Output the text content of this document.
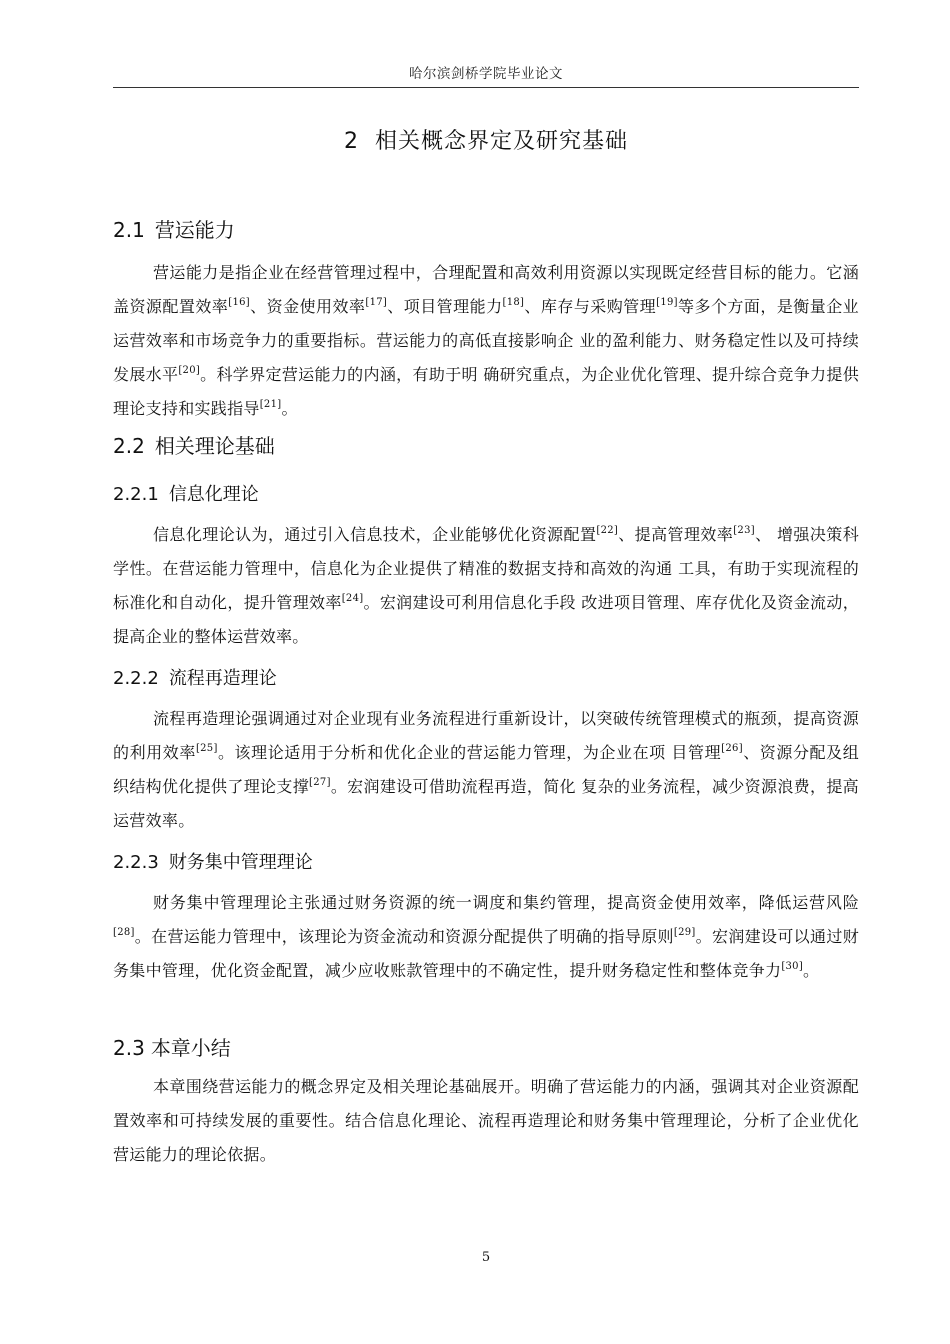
哈尔滨剑桥学院毕业论文
2 相关概念界定及研究基础
2.1 营运能力

营运能力是指企业在经营管理过程中，合理配置和高效利用资源以实现既定经营目标的能力。它涵盖资源配置效率[16]、资金使用效率[17]、项目管理能力[18]、库存与采购管理[19]等多个方面，是衡量企业运营效率和市场竞争力的重要指标。营运能力的高低直接影响企 业的盈利能力、财务稳定性以及可持续发展水平[20]。科学界定营运能力的内涵，有助于明 确研究重点，为企业优化管理、提升综合竞争力提供理论支持和实践指导[21]。

2.2 相关理论基础
2.2.1 信息化理论

信息化理论认为，通过引入信息技术，企业能够优化资源配置[22]、提高管理效率[23]、 增强决策科学性。在营运能力管理中，信息化为企业提供了精准的数据支持和高效的沟通 工具，有助于实现流程的标准化和自动化，提升管理效率[24]。宏润建设可利用信息化手段 改进项目管理、库存优化及资金流动，提高企业的整体运营效率。

2.2.2 流程再造理论

流程再造理论强调通过对企业现有业务流程进行重新设计，以突破传统管理模式的瓶颈，提高资源的利用效率[25]。该理论适用于分析和优化企业的营运能力管理，为企业在项 目管理[26]、资源分配及组织结构优化提供了理论支撑[27]。宏润建设可借助流程再造，简化 复杂的业务流程，减少资源浪费，提高运营效率。

2.2.3 财务集中管理理论

财务集中管理理论主张通过财务资源的统一调度和集约管理，提高资金使用效率，降低运营风险[28]。在营运能力管理中，该理论为资金流动和资源分配提供了明确的指导原则[29]。宏润建设可以通过财务集中管理，优化资金配置，减少应收账款管理中的不确定性，提升财务稳定性和整体竞争力[30]。

2.3 本章小结

本章围绕营运能力的概念界定及相关理论基础展开。明确了营运能力的内涵，强调其对企业资源配置效率和可持续发展的重要性。结合信息化理论、流程再造理论和财务集中管理理论，分析了企业优化营运能力的理论依据。

5
